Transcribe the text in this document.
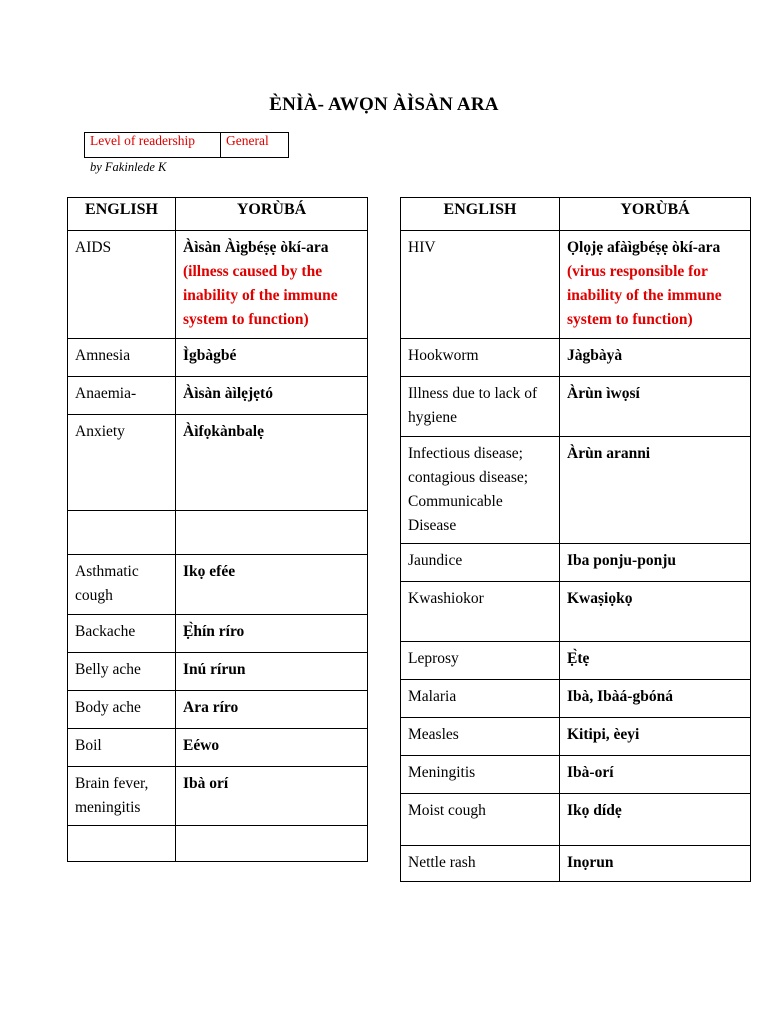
ÈNÌÀ- AWỌN ÀÌSÀN ARA
Level of readership	General
by Fakinlede K
ENGLISH	YORÙBÁ
AIDS	Àìsàn Àìgbéṣẹ òkí-ara
(illness caused by the inability of the immune system to function)

Amnesia	Ìgbàgbé

Anaemia-	Àìsàn àìlẹjẹtó

Anxiety	Àìfọkànbalẹ

Asthmatic cough	Ikọ efée

Backache	Ẹ̀hín ríro

Belly ache	Inú rírun

Body ache	Ara ríro

Boil	Eéwo

Brain fever, meningitis	Ibà orí

ENGLISH	YORÙBÁ
HIV	Ọlọjẹ afàìgbéṣẹ òkí-ara
(virus responsible for inability of the immune system to function)

Hookworm	Jàgbàyà

Illness due to lack of hygiene	Àrùn ìwọsí

Infectious disease; contagious disease; Communicable Disease	Àrùn aranni

Jaundice	Iba ponju-ponju

Kwashiokor	Kwaṣiọkọ

Leprosy	Ẹ̀tẹ

Malaria	Ibà, Ibàá-gbóná

Measles	Kitipi, èeyi

Meningitis	Ibà-orí

Moist cough	Ikọ dídẹ

Nettle rash	Inọrun
